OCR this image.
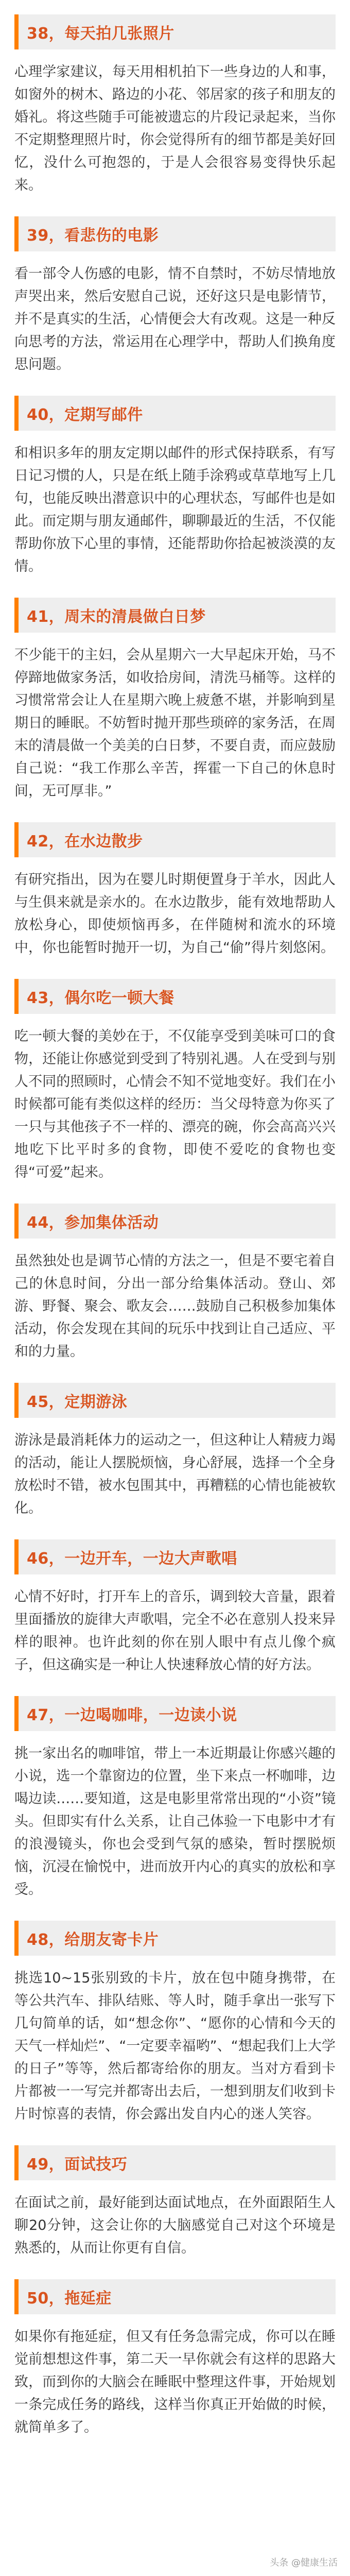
38，每天拍几张照片
心理学家建议，每天用相机拍下一些身边的人和事，如窗外的树木、路边的小花、邻居家的孩子和朋友的婚礼。将这些随手可能被遗忘的片段记录起来，当你不定期整理照片时，你会觉得所有的细节都是美好回忆，没什么可抱怨的，于是人会很容易变得快乐起来。
39，看悲伤的电影
看一部令人伤感的电影，情不自禁时，不妨尽情地放声哭出来，然后安慰自己说，还好这只是电影情节，并不是真实的生活，心情便会大有改观。这是一种反向思考的方法，常运用在心理学中，帮助人们换角度思问题。
40，定期写邮件
和相识多年的朋友定期以邮件的形式保持联系，有写日记习惯的人，只是在纸上随手涂鸦或草草地写上几句，也能反映出潜意识中的心理状态，写邮件也是如此。而定期与朋友通邮件，聊聊最近的生活，不仅能帮助你放下心里的事情，还能帮助你拾起被淡漠的友情。
41，周末的清晨做白日梦
不少能干的主妇，会从星期六一大早起床开始，马不停蹄地做家务活，如收拾房间，清洗马桶等。这样的习惯常常会让人在星期六晚上疲惫不堪，并影响到星期日的睡眠。不妨暂时抛开那些琐碎的家务活，在周末的清晨做一个美美的白日梦，不要自责，而应鼓励自己说：“我工作那么辛苦，挥霍一下自己的休息时间，无可厚非。”
42，在水边散步
有研究指出，因为在婴儿时期便置身于羊水，因此人与生俱来就是亲水的。在水边散步，能有效地帮助人放松身心，即使烦恼再多，在伴随树和流水的环境中，你也能暂时抛开一切，为自己“偷”得片刻悠闲。
43，偶尔吃一顿大餐
吃一顿大餐的美妙在于，不仅能享受到美味可口的食物，还能让你感觉到受到了特别礼遇。人在受到与别人不同的照顾时，心情会不知不觉地变好。我们在小时候都可能有类似这样的经历：当父母特意为你买了一只与其他孩子不一样的、漂亮的碗，你会高高兴兴地吃下比平时多的食物，即使不爱吃的食物也变得“可爱”起来。
44，参加集体活动
虽然独处也是调节心情的方法之一，但是不要宅着自己的休息时间，分出一部分给集体活动。登山、郊游、野餐、聚会、歌友会……鼓励自己积极参加集体活动，你会发现在其间的玩乐中找到让自己适应、平和的力量。
45，定期游泳
游泳是最消耗体力的运动之一，但这种让人精疲力竭的活动，能让人摆脱烦恼，身心舒展，选择一个全身放松时不错，被水包围其中，再糟糕的心情也能被软化。
46，一边开车，一边大声歌唱
心情不好时，打开车上的音乐，调到较大音量，跟着里面播放的旋律大声歌唱，完全不必在意别人投来异样的眼神。也许此刻的你在别人眼中有点儿像个疯子，但这确实是一种让人快速释放心情的好方法。
47，一边喝咖啡，一边读小说
挑一家出名的咖啡馆，带上一本近期最让你感兴趣的小说，选一个靠窗边的位置，坐下来点一杯咖啡，边喝边读……要知道，这是电影里常常出现的“小资”镜头。但即实有什么关系，让自己体验一下电影中才有的浪漫镜头，你也会受到气氛的感染，暂时摆脱烦恼，沉浸在愉悦中，进而放开内心的真实的放松和享受。
48，给朋友寄卡片
挑选10~15张别致的卡片，放在包中随身携带，在等公共汽车、排队结账、等人时，随手拿出一张写下几句简单的话，如“想念你”、“愿你的心情和今天的天气一样灿烂”、“一定要幸福哟”、“想起我们上大学的日子”等等，然后都寄给你的朋友。当对方看到卡片都被一一写完并都寄出去后，一想到朋友们收到卡片时惊喜的表情，你会露出发自内心的迷人笑容。
49，面试技巧
在面试之前，最好能到达面试地点，在外面跟陌生人聊20分钟，这会让你的大脑感觉自己对这个环境是熟悉的，从而让你更有自信。
50，拖延症
如果你有拖延症，但又有任务急需完成，你可以在睡觉前想想这件事，第二天一早你就会有这样的思路大致，而到你的大脑会在睡眠中整理这件事，开始规划一条完成任务的路线，这样当你真正开始做的时候，就简单多了。
头条 @健康生活
